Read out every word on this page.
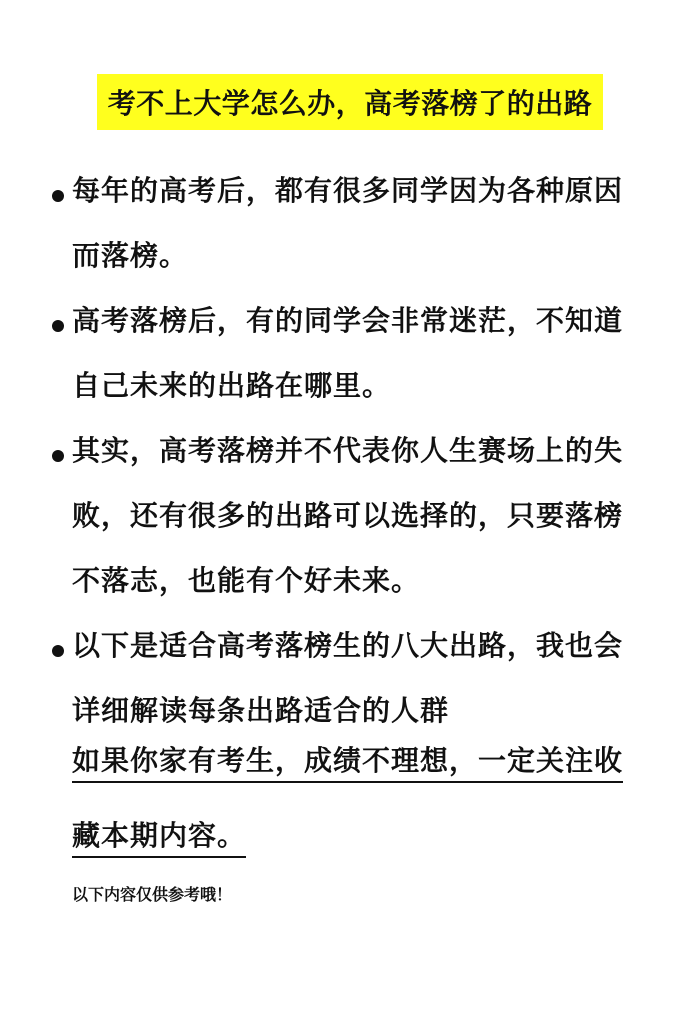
考不上大学怎么办，高考落榜了的出路
每年的高考后，都有很多同学因为各种原因
而落榜。
高考落榜后，有的同学会非常迷茫，不知道
自己未来的出路在哪里。
其实，高考落榜并不代表你人生赛场上的失
败，还有很多的出路可以选择的，只要落榜
不落志，也能有个好未来。
以下是适合高考落榜生的八大出路，我也会
详细解读每条出路适合的人群
如果你家有考生，成绩不理想，一定关注收
藏本期内容。
以下内容仅供参考哦！
